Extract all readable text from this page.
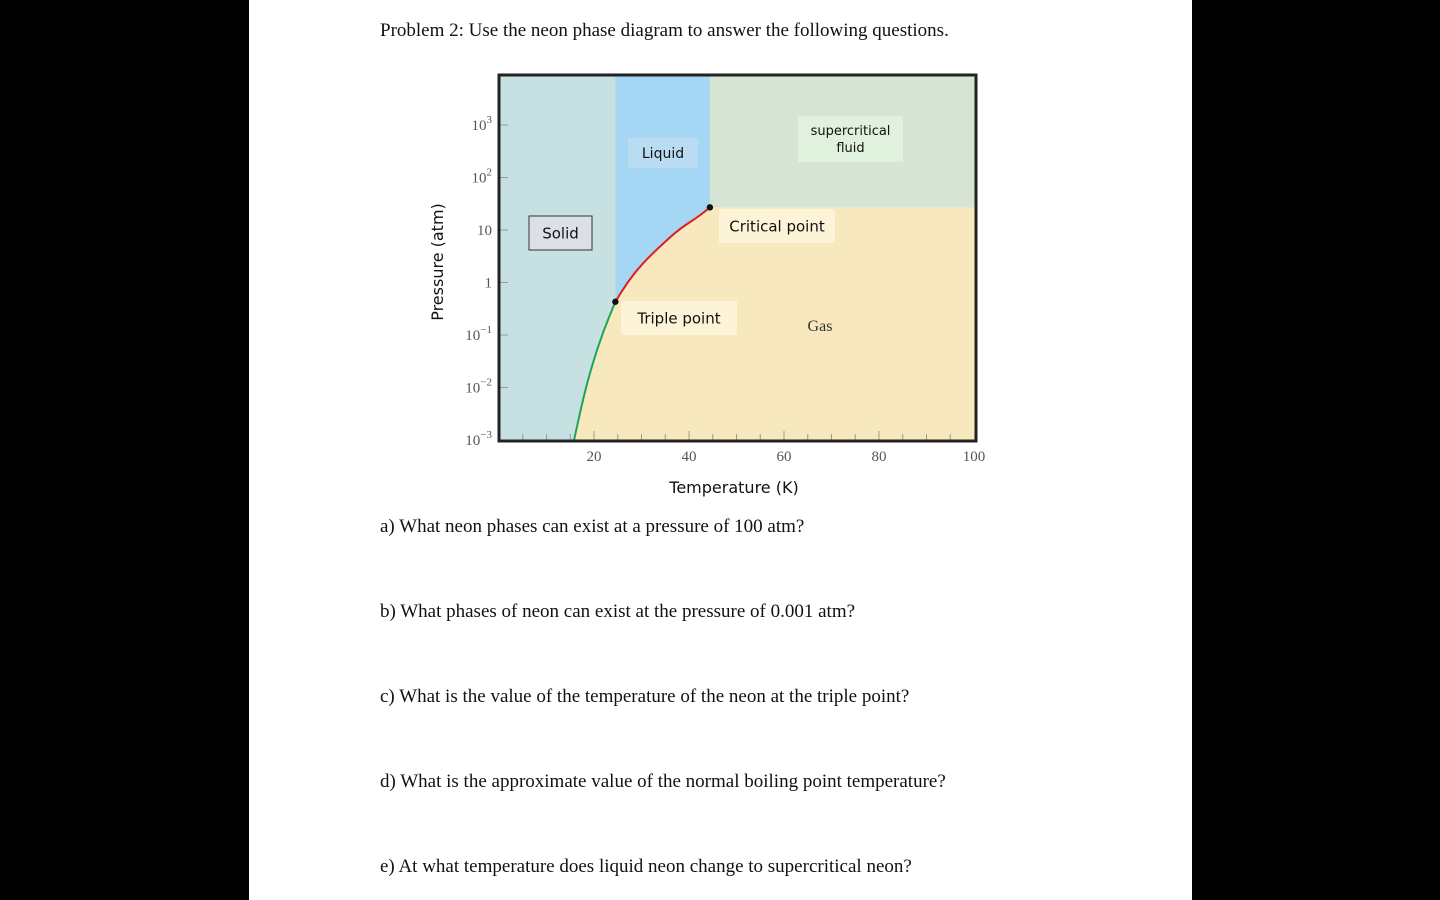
Problem 2: Use the neon phase diagram to answer the following questions.
20	40	60	80	100
$10^3$
$10^2$
10
1
$10^{-1}$
$10^{-2}$
$10^{-3}$
Solid
Liquid
supercritical
fluid
Critical point
Triple point	Gas
Temperature (K)
Pressure (atm)
a) What neon phases can exist at a pressure of 100 atm?
b) What phases of neon can exist at the pressure of 0.001 atm?
c) What is the value of the temperature of the neon at the triple point?
d) What is the approximate value of the normal boiling point temperature?
e) At what temperature does liquid neon change to supercritical neon?
